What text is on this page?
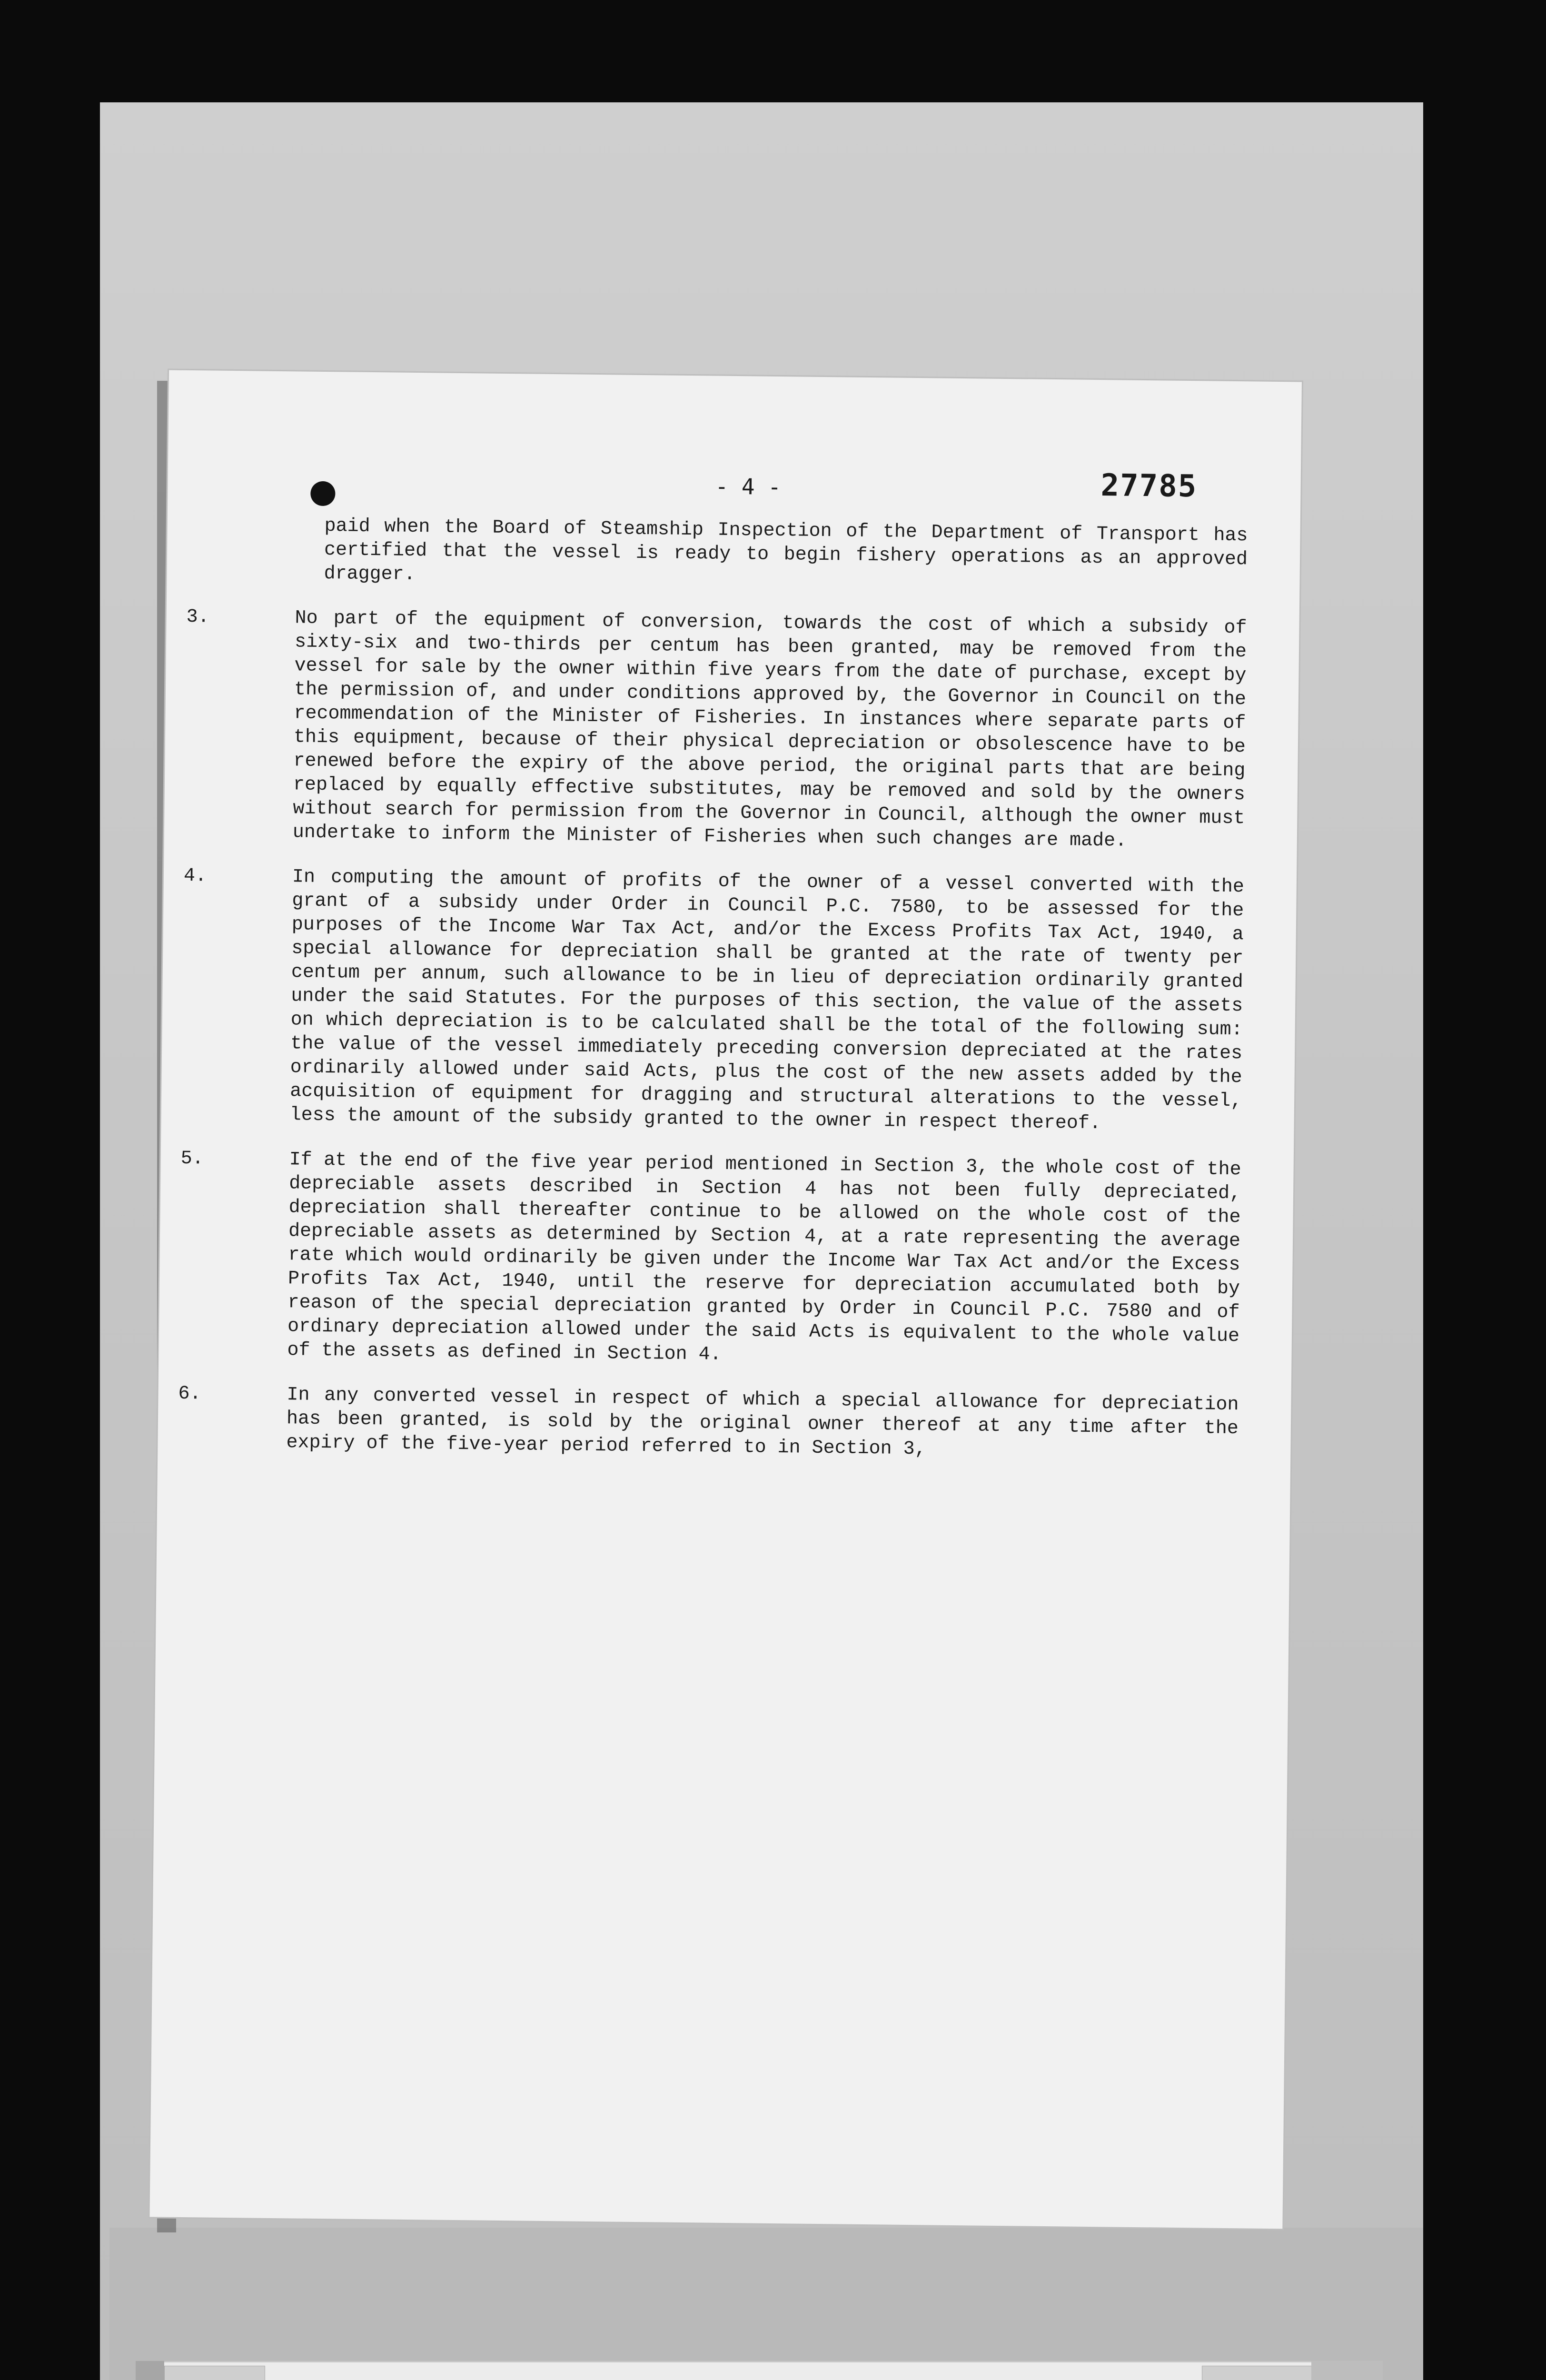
- 4 -	27785
paid when the Board of Steamship Inspection of the Department of Transport has certified that the vessel is ready to begin fishery operations as an approved dragger.
3.	No part of the equipment of conversion, towards the cost of which a subsidy of sixty-six and two-thirds per centum has been granted, may be removed from the vessel for sale by the owner within five years from the date of purchase, except by the permission of, and under conditions approved by, the Governor in Council on the recommendation of the Minister of Fisheries. In instances where separate parts of this equipment, because of their physical depreciation or obsolescence have to be renewed before the expiry of the above period, the original parts that are being replaced by equally effective substitutes, may be removed and sold by the owners without search for permission from the Governor in Council, although the owner must undertake to inform the Minister of Fisheries when such changes are made.
4.	In computing the amount of profits of the owner of a vessel converted with the grant of a subsidy under Order in Council P.C. 7580, to be assessed for the purposes of the Income War Tax Act, and/or the Excess Profits Tax Act, 1940, a special allowance for depreciation shall be granted at the rate of twenty per centum per annum, such allowance to be in lieu of depreciation ordinarily granted under the said Statutes. For the purposes of this section, the value of the assets on which depreciation is to be calculated shall be the total of the following sum: the value of the vessel immediately preceding conversion depreciated at the rates ordinarily allowed under said Acts, plus the cost of the new assets added by the acquisition of equipment for dragging and structural alterations to the vessel, less the amount of the subsidy granted to the owner in respect thereof.
5.	If at the end of the five year period mentioned in Section 3, the whole cost of the depreciable assets described in Section 4 has not been fully depreciated, depreciation shall thereafter continue to be allowed on the whole cost of the depreciable assets as determined by Section 4, at a rate representing the average rate which would ordinarily be given under the Income War Tax Act and/or the Excess Profits Tax Act, 1940, until the reserve for depreciation accumulated both by reason of the special depreciation granted by Order in Council P.C. 7580 and of ordinary depreciation allowed under the said Acts is equivalent to the whole value of the assets as defined in Section 4.
6.	In any converted vessel in respect of which a special allowance for depreciation has been granted, is sold by the original owner thereof at any time after the expiry of the five-year period referred to in Section 3,
